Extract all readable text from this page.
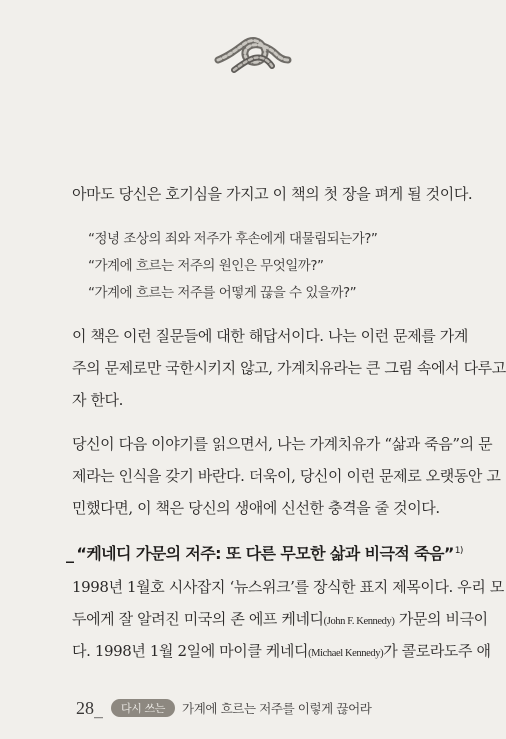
아마도 당신은 호기심을 가지고 이 책의 첫 장을 펴게 될 것이다.
“정녕 조상의 죄와 저주가 후손에게 대물림되는가?”
“가계에 흐르는 저주의 원인은 무엇일까?”
“가계에 흐르는 저주를 어떻게 끊을 수 있을까?”
이 책은 이런 질문들에 대한 해답서이다. 나는 이런 문제를 가계
주의 문제로만 국한시키지 않고, 가계치유라는 큰 그림 속에서 다루고
자 한다.
당신이 다음 이야기를 읽으면서, 나는 가계치유가 “삶과 죽음”의 문
제라는 인식을 갖기 바란다. 더욱이, 당신이 이런 문제로 오랫동안 고
민했다면, 이 책은 당신의 생애에 신선한 충격을 줄 것이다.
_ “케네디 가문의 저주: 또 다른 무모한 삶과 비극적 죽음”$^{1)}$
1998년 1월호 시사잡지 ‘뉴스위크’를 장식한 표지 제목이다. 우리 모
두에게 잘 알려진 미국의 존 에프 케네디(John F. Kennedy) 가문의 비극이
다. 1998년 1월 2일에 마이클 케네디(Michael Kennedy)가 콜로라도주 애
28 _	다시 쓰는	가계에 흐르는 저주를 이렇게 끊어라
